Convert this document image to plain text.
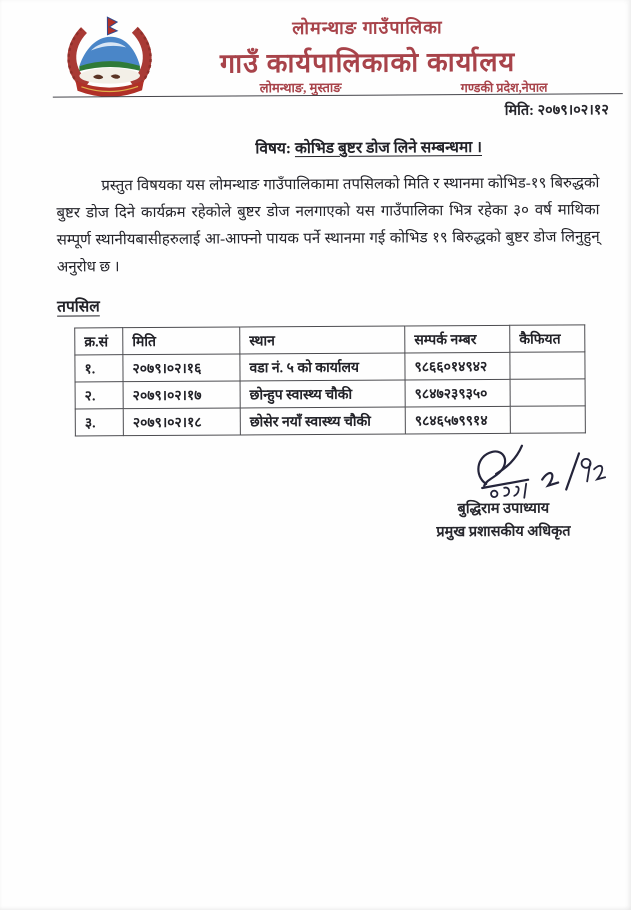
लोमन्थाङ गाउँपालिका
गाउँ कार्यपालिकाको कार्यालय
लोमन्थाङ, मुस्ताङ	गण्डकी प्रदेश,नेपाल
मिति: २०७९।०२।१२
विषय: कोभिड बुष्टर डोज लिने सम्बन्धमा ।

प्रस्तुत विषयका यस लोमन्थाङ गाउँपालिकामा तपसिलको मिति र स्थानमा कोभिड-१९ बिरुद्धको बुष्टर डोज दिने कार्यक्रम रहेकोले बुष्टर डोज नलगाएको यस गाउँपालिका भित्र रहेका ३० वर्ष माथिका सम्पूर्ण स्थानीयबासीहरुलाई आ-आफ्नो पायक पर्ने स्थानमा गई कोभिड १९ बिरुद्धको बुष्टर डोज लिनुहुन् अनुरोध छ ।

तपसिल
क्र.सं	मिति	स्थान	सम्पर्क नम्बर	कैफियत
१.	२०७९।०२।१६	वडा नं. ५ को कार्यालय	९८६६०१४९४२	
२.	२०७९।०२।१७	छोन्हुप स्वास्थ्य चौकी	९८४७२३९३५०	
३.	२०७९।०२।१८	छोसेर नयाँ स्वास्थ्य चौकी	९८४६५७९९१४	
बुद्धिराम उपाध्याय
प्रमुख प्रशासकीय अधिकृत
